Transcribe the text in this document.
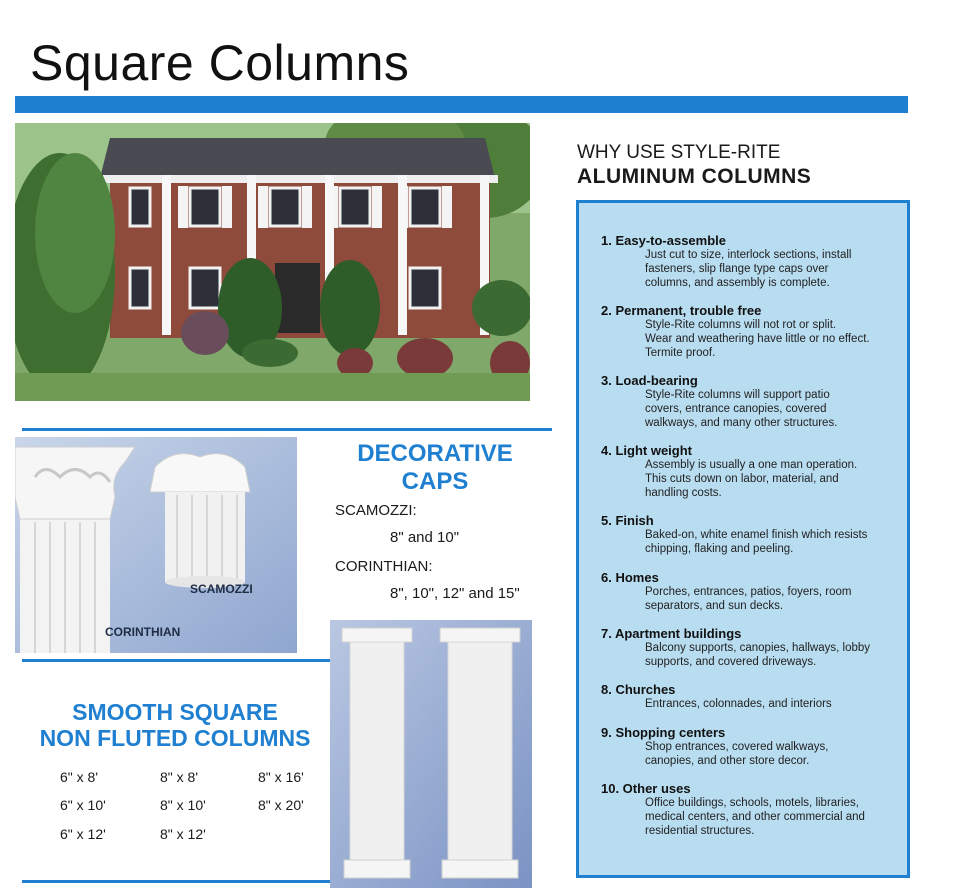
Square Columns
SCAMOZZI
CORINTHIAN
DECORATIVE
CAPS
SCAMOZZI:
8" and 10"
CORINTHIAN:
8", 10", 12" and 15"
SMOOTH SQUARE
NON FLUTED COLUMNS
6" x 8'	8" x 8'	8" x 16'
6" x 10'	8" x 10'	8" x 20'
6" x 12'	8" x 12'
WHY USE STYLE-RITE
ALUMINUM COLUMNS
1. Easy-to-assemble
Just cut to size, interlock sections, install
fasteners, slip flange type caps over
columns, and assembly is complete.
2. Permanent, trouble free
Style-Rite columns will not rot or split.
Wear and weathering have little or no effect.
Termite proof.
3. Load-bearing
Style-Rite columns will support patio
covers, entrance canopies, covered
walkways, and many other structures.
4. Light weight
Assembly is usually a one man operation.
This cuts down on labor, material, and
handling costs.
5. Finish
Baked-on, white enamel finish which resists
chipping, flaking and peeling.
6. Homes
Porches, entrances, patios, foyers, room
separators, and sun decks.
7. Apartment buildings
Balcony supports, canopies, hallways, lobby
supports, and covered driveways.
8. Churches
Entrances, colonnades, and interiors
9. Shopping centers
Shop entrances, covered walkways,
canopies, and other store decor.
10. Other uses
Office buildings, schools, motels, libraries,
medical centers, and other commercial and
residential structures.
